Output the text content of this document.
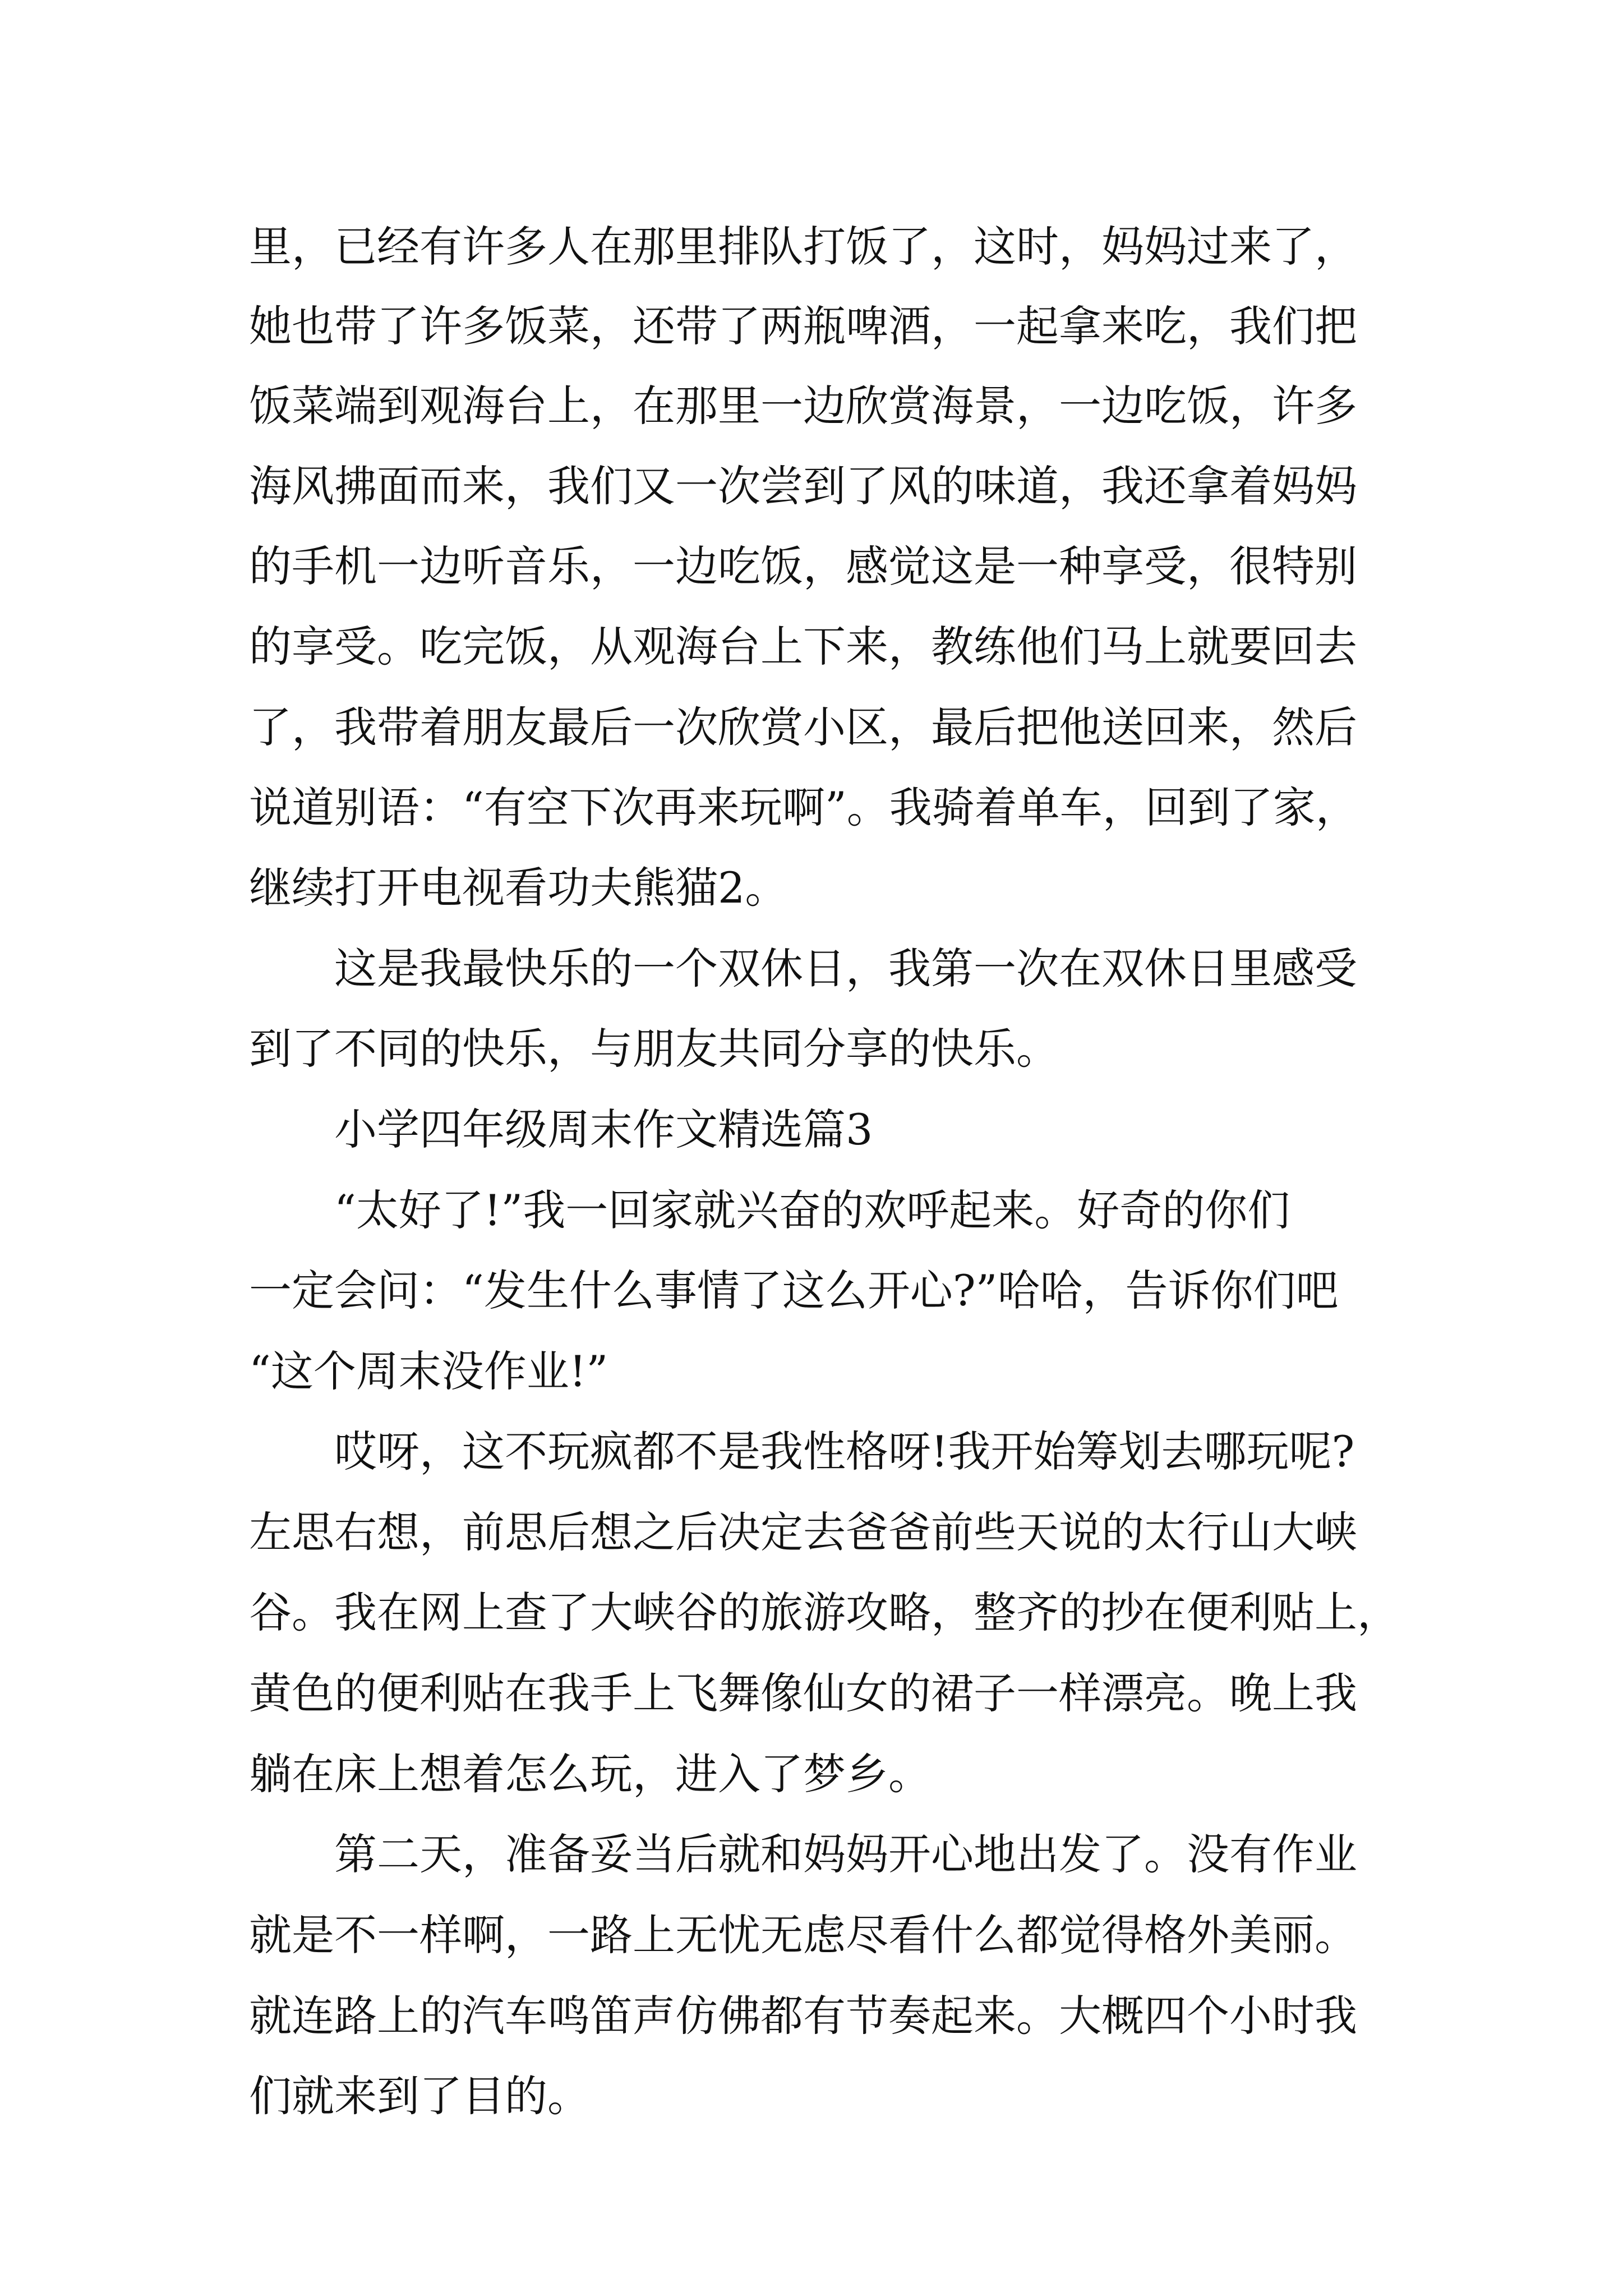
里，已经有许多人在那里排队打饭了，这时，妈妈过来了，
她也带了许多饭菜，还带了两瓶啤酒，一起拿来吃，我们把
饭菜端到观海台上，在那里一边欣赏海景，一边吃饭，许多
海风拂面而来，我们又一次尝到了风的味道，我还拿着妈妈
的手机一边听音乐，一边吃饭，感觉这是一种享受，很特别
的享受。吃完饭，从观海台上下来，教练他们马上就要回去
了，我带着朋友最后一次欣赏小区，最后把他送回来，然后
说道别语：“有空下次再来玩啊”。我骑着单车，回到了家，
继续打开电视看功夫熊猫2。
这是我最快乐的一个双休日，我第一次在双休日里感受
到了不同的快乐，与朋友共同分享的快乐。
小学四年级周末作文精选篇3
“太好了!”我一回家就兴奋的欢呼起来。好奇的你们
一定会问：“发生什么事情了这么开心?”哈哈，告诉你们吧
“这个周末没作业!”
哎呀，这不玩疯都不是我性格呀!我开始筹划去哪玩呢?
左思右想，前思后想之后决定去爸爸前些天说的太行山大峡
谷。我在网上查了大峡谷的旅游攻略，整齐的抄在便利贴上，
黄色的便利贴在我手上飞舞像仙女的裙子一样漂亮。晚上我
躺在床上想着怎么玩，进入了梦乡。
第二天，准备妥当后就和妈妈开心地出发了。没有作业
就是不一样啊，一路上无忧无虑尽看什么都觉得格外美丽。
就连路上的汽车鸣笛声仿佛都有节奏起来。大概四个小时我
们就来到了目的。
